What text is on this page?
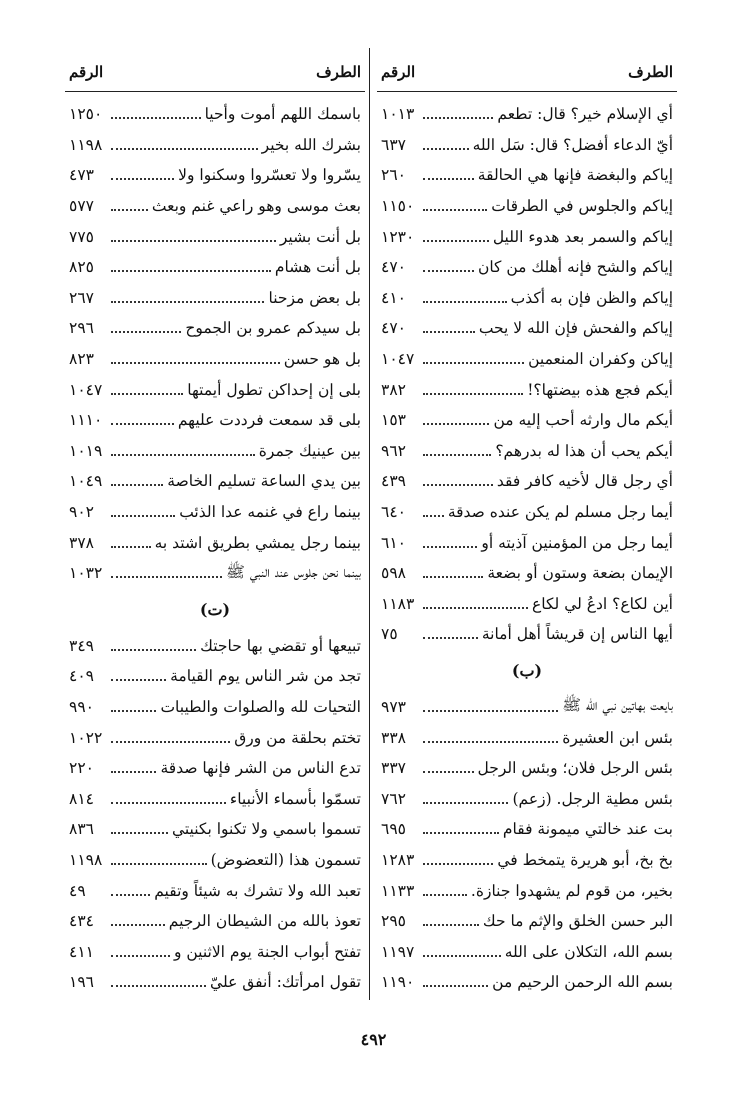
الطرف
الرقم
أي الإسلام خير؟ قال: تطعم
١٠١٣
أيّ الدعاء أفضل؟ قال: سَل الله
٦٣٧
إياكم والبغضة فإنها هي الحالقة
٢٦٠
إياكم والجلوس في الطرقات
١١٥٠
إياكم والسمر بعد هدوء الليل
١٢٣٠
إياكم والشح فإنه أهلك من كان
٤٧٠
إياكم والظن فإن به أكذب
٤١٠
إياكم والفحش فإن الله لا يحب
٤٧٠
إياكن وكفران المنعمين
١٠٤٧
أيكم فجع هذه بيضتها؟!
٣٨٢
أيكم مال وارثه أحب إليه من
١٥٣
أيكم يحب أن هذا له بدرهم؟
٩٦٢
أي رجل قال لأخيه كافر فقد
٤٣٩
أيما رجل مسلم لم يكن عنده صدقة
٦٤٠
أيما رجل من المؤمنين آذيته أو
٦١٠
الإيمان بضعة وستون أو بضعة
٥٩٨
أين لكاع؟ ادعُ لي لكاع
١١٨٣
أيها الناس إن قريشاً أهل أمانة
٧٥
(ب)
بايعت بهاتين نبي الله ﷺ
٩٧٣
بئس ابن العشيرة
٣٣٨
بئس الرجل فلان؛ وبئس الرجل
٣٣٧
بئس مطية الرجل. (زعم)
٧٦٢
بت عند خالتي ميمونة فقام
٦٩٥
بخ بخ، أبو هريرة يتمخط في
١٢٨٣
بخير، من قوم لم يشهدوا جنازة.
١١٣٣
البر حسن الخلق والإثم ما حك
٢٩٥
بسم الله، التكلان على الله
١١٩٧
بسم الله الرحمن الرحيم من
١١٩٠
الطرف
الرقم
باسمك اللهم أموت وأحيا
١٢٥٠
بشرك الله بخير
١١٩٨
يسّروا ولا تعسّروا وسكنوا ولا
٤٧٣
بعث موسى وهو راعي غنم وبعث
٥٧٧
بل أنت بشير
٧٧٥
بل أنت هشام
٨٢٥
بل بعض مزحنا
٢٦٧
بل سيدكم عمرو بن الجموح
٢٩٦
بل هو حسن
٨٢٣
بلى إن إحداكن تطول أيمتها
١٠٤٧
بلى قد سمعت فرددت عليهم
١١١٠
بين عينيك جمرة
١٠١٩
بين يدي الساعة تسليم الخاصة
١٠٤٩
بينما راع في غنمه عدا الذئب
٩٠٢
بينما رجل يمشي بطريق اشتد به
٣٧٨
بينما نحن جلوس عند النبي ﷺ
١٠٣٢
(ت)
تبيعها أو تقضي بها حاجتك
٣٤٩
تجد من شر الناس يوم القيامة
٤٠٩
التحيات لله والصلوات والطيبات
٩٩٠
تختم بحلقة من ورق
١٠٢٢
تدع الناس من الشر فإنها صدقة
٢٢٠
تسمّوا بأسماء الأنبياء
٨١٤
تسموا باسمي ولا تكنوا بكنيتي
٨٣٦
تسمون هذا (التعضوض)
١١٩٨
تعبد الله ولا تشرك به شيئاً وتقيم
٤٩
تعوذ بالله من الشيطان الرجيم
٤٣٤
تفتح أبواب الجنة يوم الاثنين و
٤١١
تقول امرأتك: أنفق عليّ
١٩٦
٤٩٢
